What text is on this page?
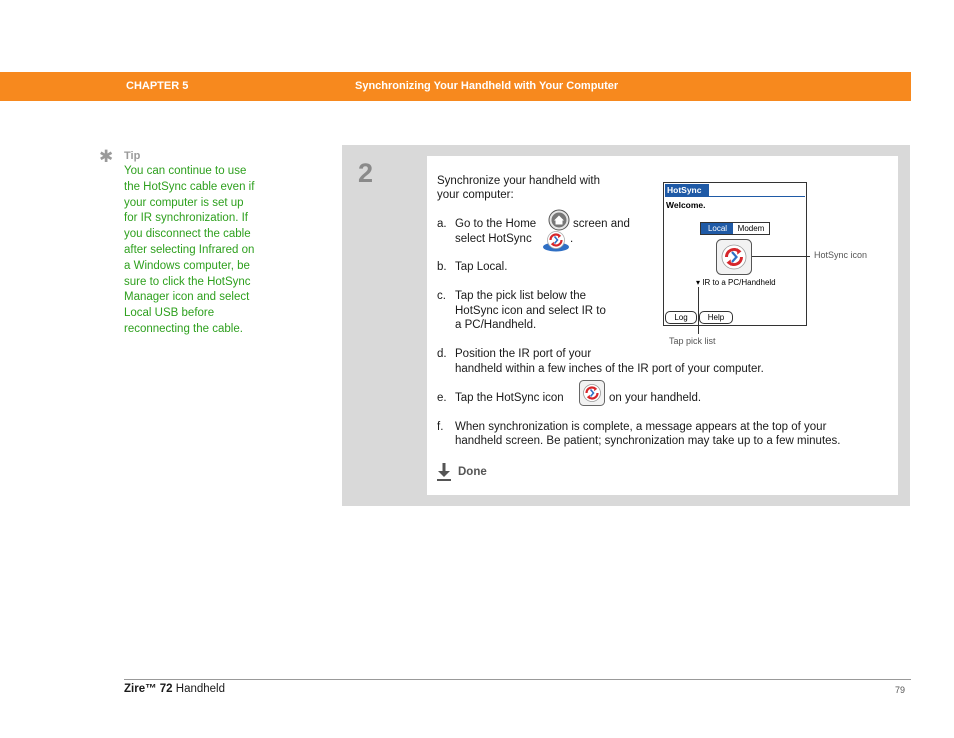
CHAPTER 5	Synchronizing Your Handheld with Your Computer
✱ Tip
You can continue to use
the HotSync cable even if
your computer is set up
for IR synchronization. If
you disconnect the cable
after selecting Infrared on
a Windows computer, be
sure to click the HotSync
Manager icon and select
Local USB before
reconnecting the cable.
2	Synchronize your handheld with
your computer:
a. Go to the Home	screen and
select HotSync	.
b. Tap Local.
c. Tap the pick list below the
HotSync icon and select IR to
a PC/Handheld.
d. Position the IR port of your
handheld within a few inches of the IR port of your computer.
e. Tap the HotSync icon	on your handheld.
f. When synchronization is complete, a message appears at the top of your
handheld screen. Be patient; synchronization may take up to a few minutes.
Done
HotSync
Welcome.
Local	Modem
▾ IR to a PC/Handheld
Log	Help
HotSync icon
Tap pick list
Zire™ 72 Handheld	79
